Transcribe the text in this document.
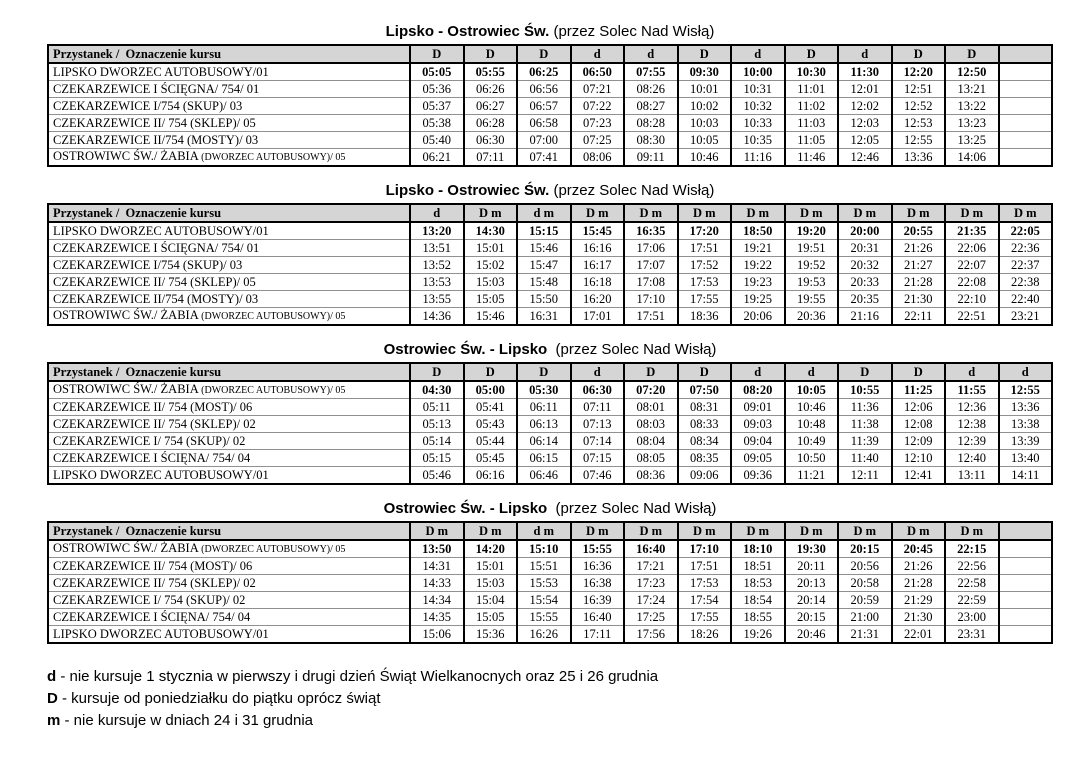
Lipsko - Ostrowiec Św. (przez Solec Nad Wisłą)
Przystanek /  Oznaczenie kursu	D	D	D	d	d	D	d	D	d	D	D	
LIPSKO DWORZEC AUTOBUSOWY/01	05:05	05:55	06:25	06:50	07:55	09:30	10:00	10:30	11:30	12:20	12:50	
CZEKARZEWICE I ŚCIĘGNA/ 754/ 01	05:36	06:26	06:56	07:21	08:26	10:01	10:31	11:01	12:01	12:51	13:21	
CZEKARZEWICE I/754 (SKUP)/ 03	05:37	06:27	06:57	07:22	08:27	10:02	10:32	11:02	12:02	12:52	13:22	
CZEKARZEWICE II/ 754 (SKLEP)/ 05	05:38	06:28	06:58	07:23	08:28	10:03	10:33	11:03	12:03	12:53	13:23	
CZEKARZEWICE II/754 (MOSTY)/ 03	05:40	06:30	07:00	07:25	08:30	10:05	10:35	11:05	12:05	12:55	13:25	
OSTROWIWC ŚW./ ŻABIA (DWORZEC AUTOBUSOWY)/ 05	06:21	07:11	07:41	08:06	09:11	10:46	11:16	11:46	12:46	13:36	14:06	
Lipsko - Ostrowiec Św. (przez Solec Nad Wisłą)
Przystanek /  Oznaczenie kursu	d	D m	d m	D m	D m	D m	D m	D m	D m	D m	D m	D m
LIPSKO DWORZEC AUTOBUSOWY/01	13:20	14:30	15:15	15:45	16:35	17:20	18:50	19:20	20:00	20:55	21:35	22:05
CZEKARZEWICE I ŚCIĘGNA/ 754/ 01	13:51	15:01	15:46	16:16	17:06	17:51	19:21	19:51	20:31	21:26	22:06	22:36
CZEKARZEWICE I/754 (SKUP)/ 03	13:52	15:02	15:47	16:17	17:07	17:52	19:22	19:52	20:32	21:27	22:07	22:37
CZEKARZEWICE II/ 754 (SKLEP)/ 05	13:53	15:03	15:48	16:18	17:08	17:53	19:23	19:53	20:33	21:28	22:08	22:38
CZEKARZEWICE II/754 (MOSTY)/ 03	13:55	15:05	15:50	16:20	17:10	17:55	19:25	19:55	20:35	21:30	22:10	22:40
OSTROWIWC ŚW./ ŻABIA (DWORZEC AUTOBUSOWY)/ 05	14:36	15:46	16:31	17:01	17:51	18:36	20:06	20:36	21:16	22:11	22:51	23:21
Ostrowiec Św. - Lipsko  (przez Solec Nad Wisłą)
Przystanek /  Oznaczenie kursu	D	D	D	d	D	D	d	d	D	D	d	d
OSTROWIWC ŚW./ ŻABIA (DWORZEC AUTOBUSOWY)/ 05	04:30	05:00	05:30	06:30	07:20	07:50	08:20	10:05	10:55	11:25	11:55	12:55
CZEKARZEWICE II/ 754 (MOST)/ 06	05:11	05:41	06:11	07:11	08:01	08:31	09:01	10:46	11:36	12:06	12:36	13:36
CZEKARZEWICE II/ 754 (SKLEP)/ 02	05:13	05:43	06:13	07:13	08:03	08:33	09:03	10:48	11:38	12:08	12:38	13:38
CZEKARZEWICE I/ 754 (SKUP)/ 02	05:14	05:44	06:14	07:14	08:04	08:34	09:04	10:49	11:39	12:09	12:39	13:39
CZEKARZEWICE I ŚCIĘNA/ 754/ 04	05:15	05:45	06:15	07:15	08:05	08:35	09:05	10:50	11:40	12:10	12:40	13:40
LIPSKO DWORZEC AUTOBUSOWY/01	05:46	06:16	06:46	07:46	08:36	09:06	09:36	11:21	12:11	12:41	13:11	14:11
Ostrowiec Św. - Lipsko  (przez Solec Nad Wisłą)
Przystanek /  Oznaczenie kursu	D m	D m	d m	D m	D m	D m	D m	D m	D m	D m	D m	
OSTROWIWC ŚW./ ŻABIA (DWORZEC AUTOBUSOWY)/ 05	13:50	14:20	15:10	15:55	16:40	17:10	18:10	19:30	20:15	20:45	22:15	
CZEKARZEWICE II/ 754 (MOST)/ 06	14:31	15:01	15:51	16:36	17:21	17:51	18:51	20:11	20:56	21:26	22:56	
CZEKARZEWICE II/ 754 (SKLEP)/ 02	14:33	15:03	15:53	16:38	17:23	17:53	18:53	20:13	20:58	21:28	22:58	
CZEKARZEWICE I/ 754 (SKUP)/ 02	14:34	15:04	15:54	16:39	17:24	17:54	18:54	20:14	20:59	21:29	22:59	
CZEKARZEWICE I ŚCIĘNA/ 754/ 04	14:35	15:05	15:55	16:40	17:25	17:55	18:55	20:15	21:00	21:30	23:00	
LIPSKO DWORZEC AUTOBUSOWY/01	15:06	15:36	16:26	17:11	17:56	18:26	19:26	20:46	21:31	22:01	23:31	
d - nie kursuje 1 stycznia w pierwszy i drugi dzień Świąt Wielkanocnych oraz 25 i 26 grudnia
D - kursuje od poniedziałku do piątku oprócz świąt
m - nie kursuje w dniach 24 i 31 grudnia
